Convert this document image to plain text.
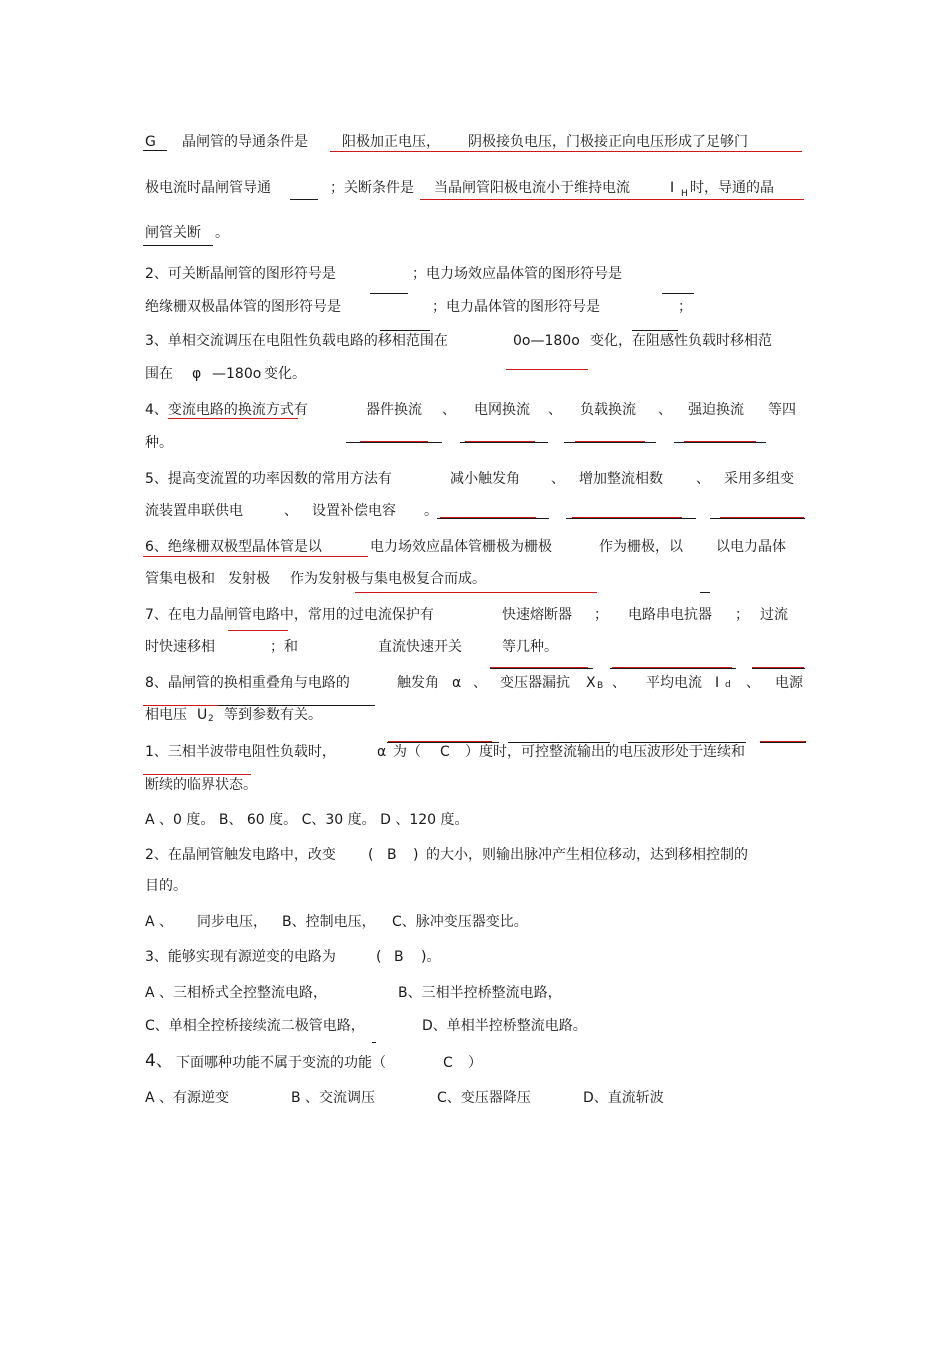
G 晶闸管的导通条件是 阳极加正电压， 阴极接负电压，门极接正向电压形成了足够门
极电流时晶闸管导通	；关断条件是 当晶闸管阳极电流小于维持电流	I H 时，导通的晶
闸管关断 。
2、可关断晶闸管的图形符号是	；电力场效应晶体管的图形符号是
绝缘栅双极晶体管的图形符号是	；电力晶体管的图形符号是	；
3、单相交流调压在电阻性负载电路的移相范围在	0o—180o 变化，在阻感性负载时移相范
围在 φ —180o 变化。
4、变流电路的换流方式有	器件换流 、 电网换流 、 负载换流 、 强迫换流 等四
种。
5、提高变流置的功率因数的常用方法有	减小触发角 、 增加整流相数 、 采用多组变
流装置串联供电	、 设置补偿电容 。
6、绝缘栅双极型晶体管是以	电力场效应晶体管栅极为栅极	作为栅极，以 以电力晶体
管集电极和 发射极 作为发射极与集电极复合而成。
7、在电力晶闸管电路中，常用的过电流保护有	快速熔断器 ； 电路串电抗器 ； 过流
时快速移相	；和	直流快速开关	等几种。
8、晶闸管的换相重叠角与电路的	触发角 α 、 变压器漏抗 X B 、 平均电流 I d 、 电源
相电压 U 2 等到参数有关。
1、三相半波带电阻性负载时，	α 为（ C ）度时，可控整流输出的电压波形处于连续和
断续的临界状态。
A 、0 度。 B、 60 度。 C、30 度。 D 、120 度。
2、在晶闸管触发电路中，改变 ( B ) 的大小，则输出脉冲产生相位移动，达到移相控制的
目的。
A 、 同步电压， B、控制电压， C、脉冲变压器变比。
3、能够实现有源逆变的电路为	( B )。
A 、三相桥式全控整流电路，	B、三相半控桥整流电路，
C、单相全控桥接续流二极管电路，	D、单相半控桥整流电路。
4、 下面哪种功能不属于变流的功能（	C ）
A 、有源逆变	B 、交流调压	C、变压器降压	D、直流斩波
